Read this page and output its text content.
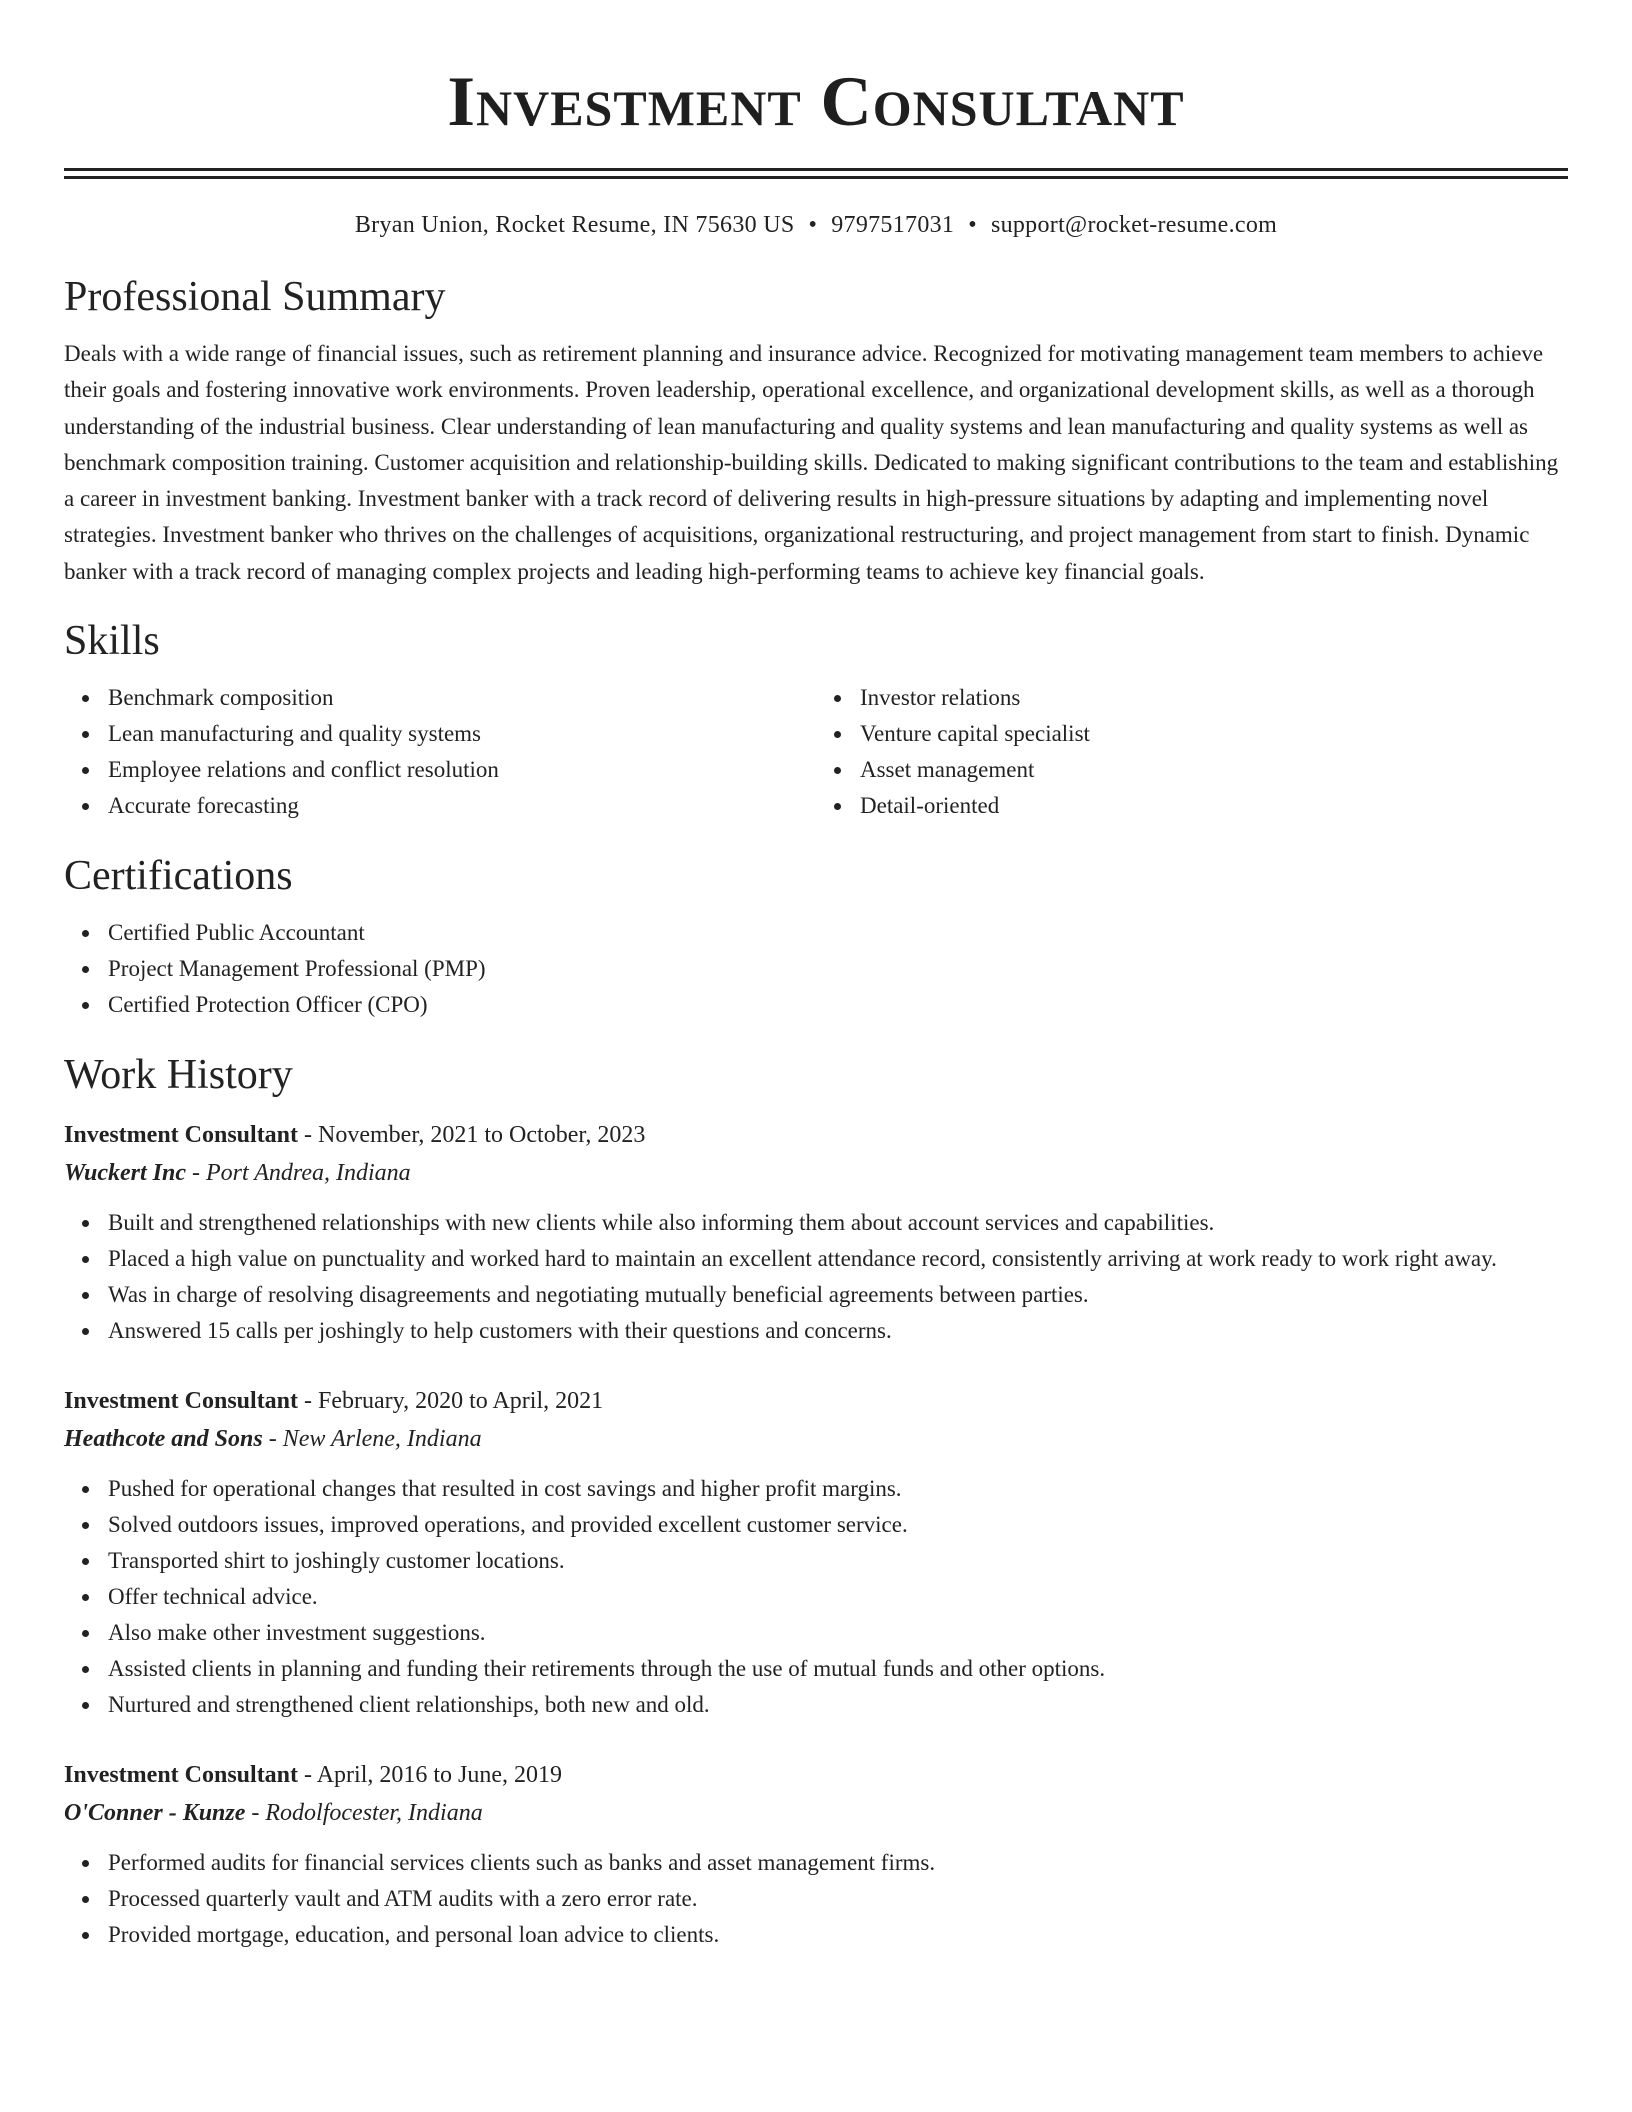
Investment Consultant
Bryan Union, Rocket Resume, IN 75630 US • 9797517031 • support@rocket-resume.com
Professional Summary

Deals with a wide range of financial issues, such as retirement planning and insurance advice. Recognized for motivating management team members to achieve their goals and fostering innovative work environments. Proven leadership, operational excellence, and organizational development skills, as well as a thorough understanding of the industrial business. Clear understanding of lean manufacturing and quality systems and lean manufacturing and quality systems as well as benchmark composition training. Customer acquisition and relationship-building skills. Dedicated to making significant contributions to the team and establishing a career in investment banking. Investment banker with a track record of delivering results in high-pressure situations by adapting and implementing novel strategies. Investment banker who thrives on the challenges of acquisitions, organizational restructuring, and project management from start to finish. Dynamic banker with a track record of managing complex projects and leading high-performing teams to achieve key financial goals.

Skills
Benchmark composition
Lean manufacturing and quality systems
Employee relations and conflict resolution
Accurate forecasting
Investor relations
Venture capital specialist
Asset management
Detail-oriented
Certifications
Certified Public Accountant
Project Management Professional (PMP)
Certified Protection Officer (CPO)
Work History
Investment Consultant - November, 2021 to October, 2023
Wuckert Inc - Port Andrea, Indiana
Built and strengthened relationships with new clients while also informing them about account services and capabilities.
Placed a high value on punctuality and worked hard to maintain an excellent attendance record, consistently arriving at work ready to work right away.
Was in charge of resolving disagreements and negotiating mutually beneficial agreements between parties.
Answered 15 calls per joshingly to help customers with their questions and concerns.
Investment Consultant - February, 2020 to April, 2021
Heathcote and Sons - New Arlene, Indiana
Pushed for operational changes that resulted in cost savings and higher profit margins.
Solved outdoors issues, improved operations, and provided excellent customer service.
Transported shirt to joshingly customer locations.
Offer technical advice.
Also make other investment suggestions.
Assisted clients in planning and funding their retirements through the use of mutual funds and other options.
Nurtured and strengthened client relationships, both new and old.
Investment Consultant - April, 2016 to June, 2019
O'Conner - Kunze - Rodolfocester, Indiana
Performed audits for financial services clients such as banks and asset management firms.
Processed quarterly vault and ATM audits with a zero error rate.
Provided mortgage, education, and personal loan advice to clients.
